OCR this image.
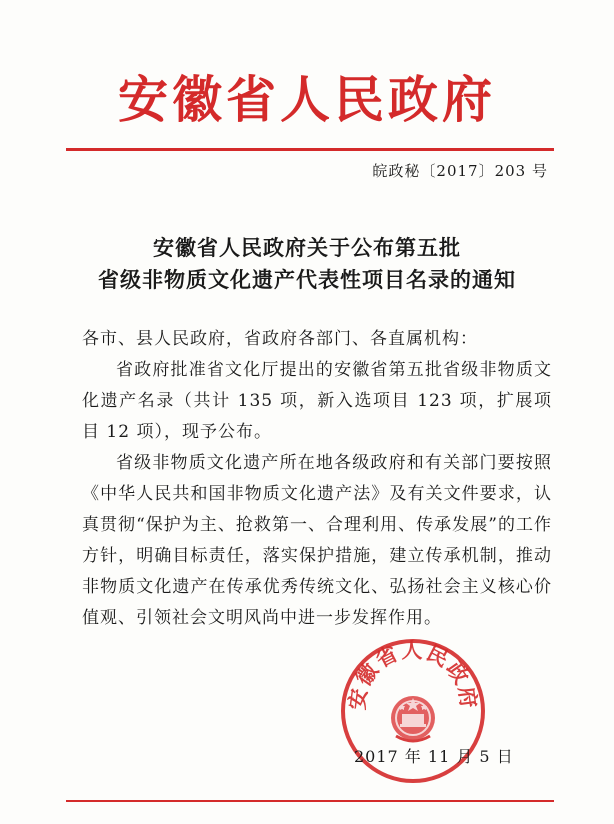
安徽省人民政府
皖政秘〔2017〕203 号
安徽省人民政府关于公布第五批
省级非物质文化遗产代表性项目名录的通知

各市、县人民政府，省政府各部门、各直属机构：

省政府批准省文化厅提出的安徽省第五批省级非物质文化遗产名录（共计 135 项，新入选项目 123 项，扩展项目 12 项），现予公布。

省级非物质文化遗产所在地各级政府和有关部门要按照《中华人民共和国非物质文化遗产法》及有关文件要求，认真贯彻“保护为主、抢救第一、合理利用、传承发展”的工作方针，明确目标责任，落实保护措施，建立传承机制，推动非物质文化遗产在传承优秀传统文化、弘扬社会主义核心价值观、引领社会文明风尚中进一步发挥作用。

安徽省人民政府
2017 年 11 月 5 日
